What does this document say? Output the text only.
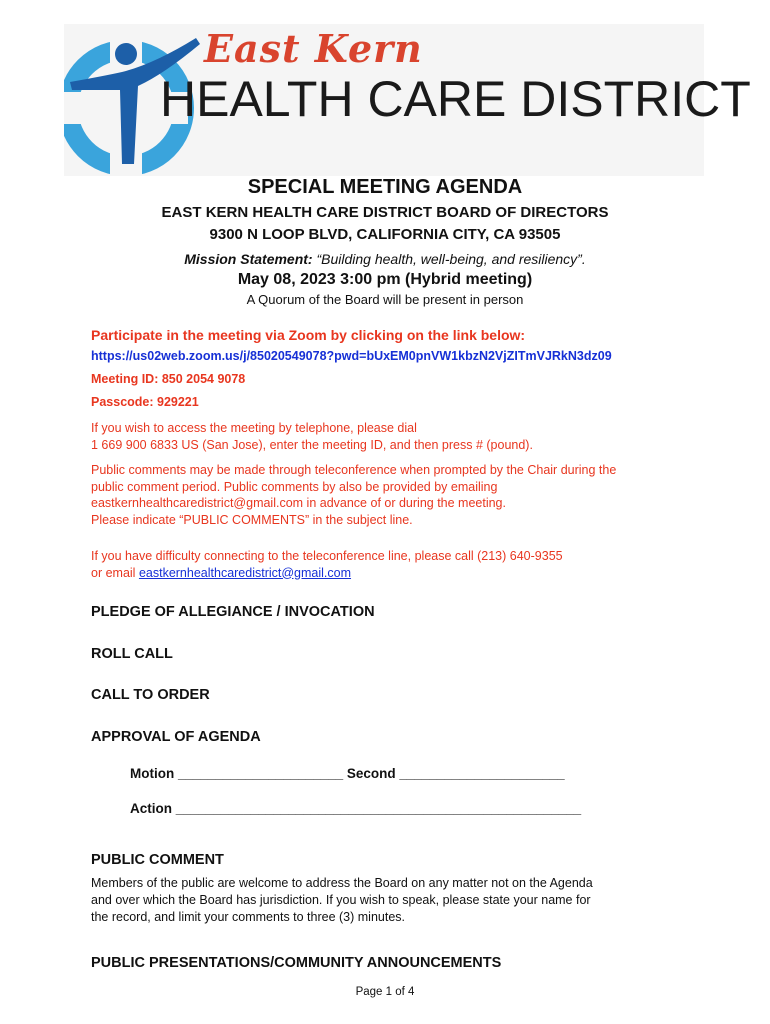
East Kern
HEALTH CARE DISTRICT
SPECIAL MEETING AGENDA
EAST KERN HEALTH CARE DISTRICT BOARD OF DIRECTORS
9300 N LOOP BLVD, CALIFORNIA CITY, CA 93505
Mission Statement: “Building health, well-being, and resiliency”.
May 08, 2023 3:00 pm (Hybrid meeting)
A Quorum of the Board will be present in person
Participate in the meeting via Zoom by clicking on the link below:
https://us02web.zoom.us/j/85020549078?pwd=bUxEM0pnVW1kbzN2VjZITmVJRkN3dz09
Meeting ID: 850 2054 9078
Passcode: 929221
If you wish to access the meeting by telephone, please dial
1 669 900 6833 US (San Jose), enter the meeting ID, and then press # (pound).
Public comments may be made through teleconference when prompted by the Chair during the
public comment period. Public comments by also be provided by emailing
eastkernhealthcaredistrict@gmail.com in advance of or during the meeting.
Please indicate “PUBLIC COMMENTS” in the subject line.
If you have difficulty connecting to the teleconference line, please call (213) 640-9355
or email eastkernhealthcaredistrict@gmail.com
PLEDGE OF ALLEGIANCE / INVOCATION
ROLL CALL
CALL TO ORDER
APPROVAL OF AGENDA
Motion ______________________ Second ______________________
Action ______________________________________________________
PUBLIC COMMENT
Members of the public are welcome to address the Board on any matter not on the Agenda
and over which the Board has jurisdiction. If you wish to speak, please state your name for
the record, and limit your comments to three (3) minutes.
PUBLIC PRESENTATIONS/COMMUNITY ANNOUNCEMENTS
Page 1 of 4
